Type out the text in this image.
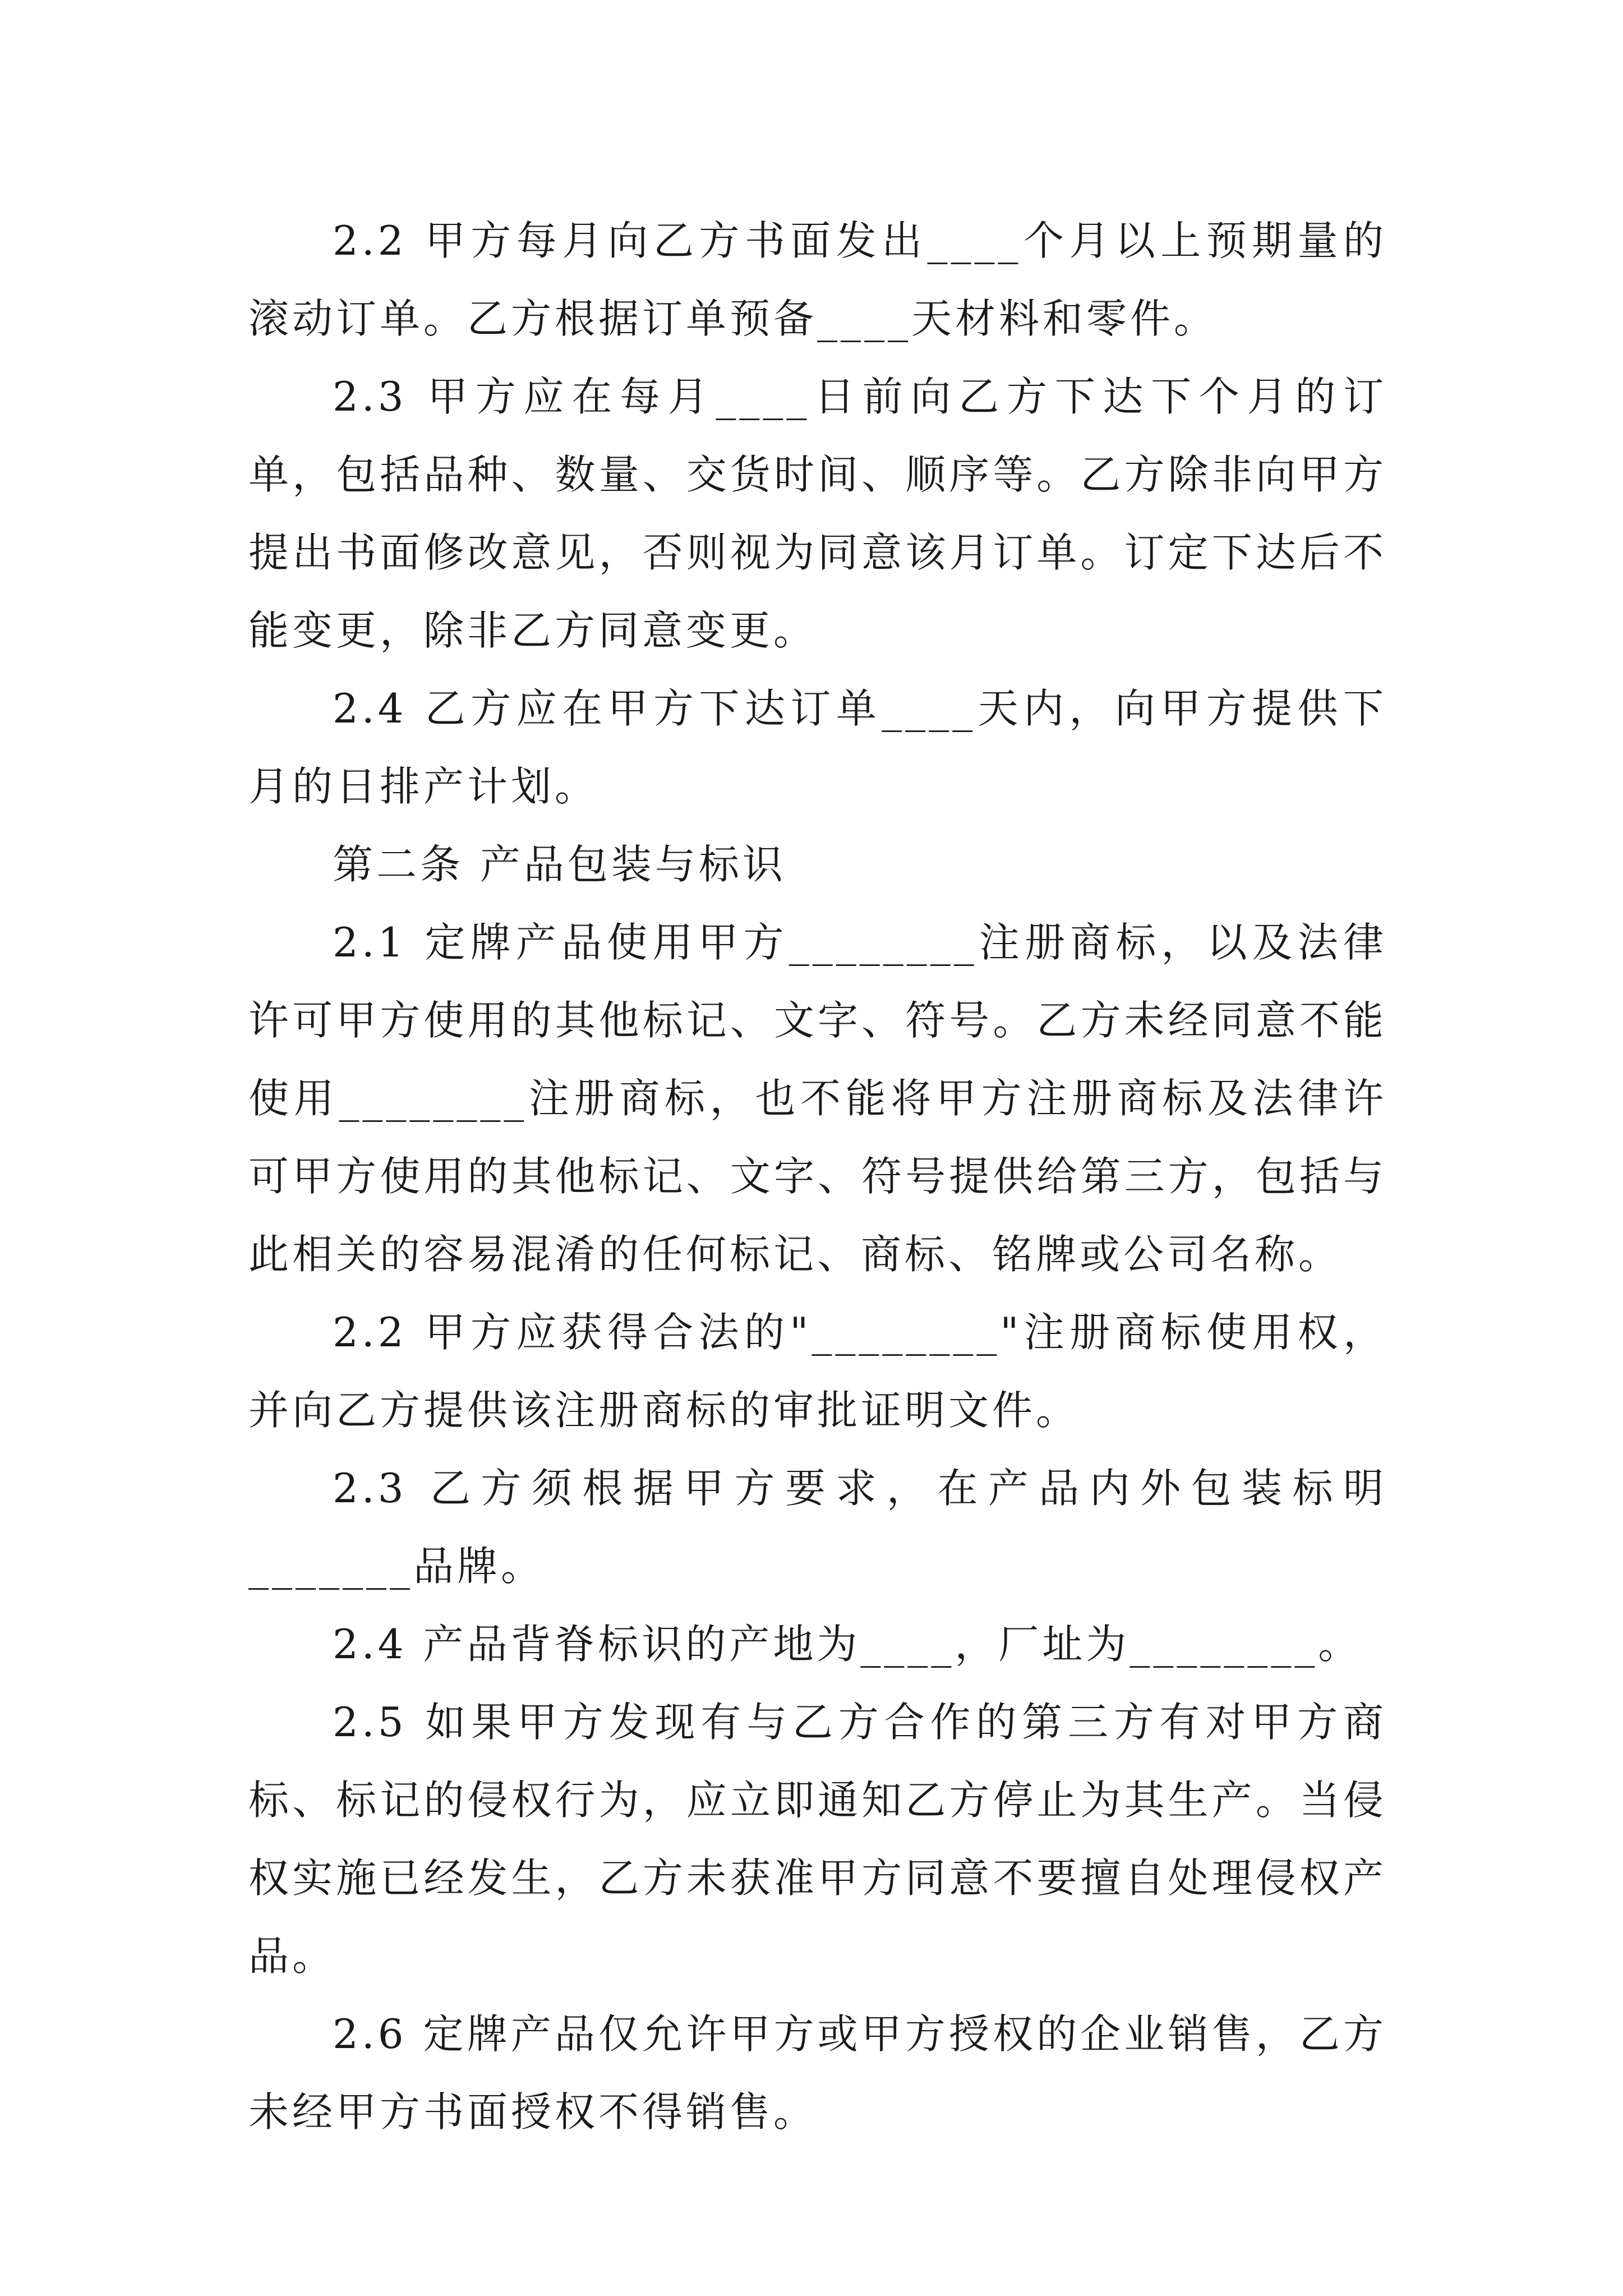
2.2 甲方每月向乙方书面发出____个月以上预期量的滚动订单。乙方根据订单预备____天材料和零件。

2.3 甲方应在每月____日前向乙方下达下个月的订单，包括品种、数量、交货时间、顺序等。乙方除非向甲方提出书面修改意见，否则视为同意该月订单。订定下达后不能变更，除非乙方同意变更。

2.4 乙方应在甲方下达订单____天内，向甲方提供下月的日排产计划。

第二条 产品包装与标识

2.1 定牌产品使用甲方________注册商标，以及法律许可甲方使用的其他标记、文字、符号。乙方未经同意不能使用________注册商标，也不能将甲方注册商标及法律许可甲方使用的其他标记、文字、符号提供给第三方，包括与此相关的容易混淆的任何标记、商标、铭牌或公司名称。

2.2 甲方应获得合法的"________"注册商标使用权，并向乙方提供该注册商标的审批证明文件。

2.3 乙方须根据甲方要求，在产品内外包装标明_______品牌。

2.4 产品背脊标识的产地为____，厂址为________。

2.5 如果甲方发现有与乙方合作的第三方有对甲方商标、标记的侵权行为，应立即通知乙方停止为其生产。当侵权实施已经发生，乙方未获准甲方同意不要擅自处理侵权产品。

2.6 定牌产品仅允许甲方或甲方授权的企业销售，乙方未经甲方书面授权不得销售。
